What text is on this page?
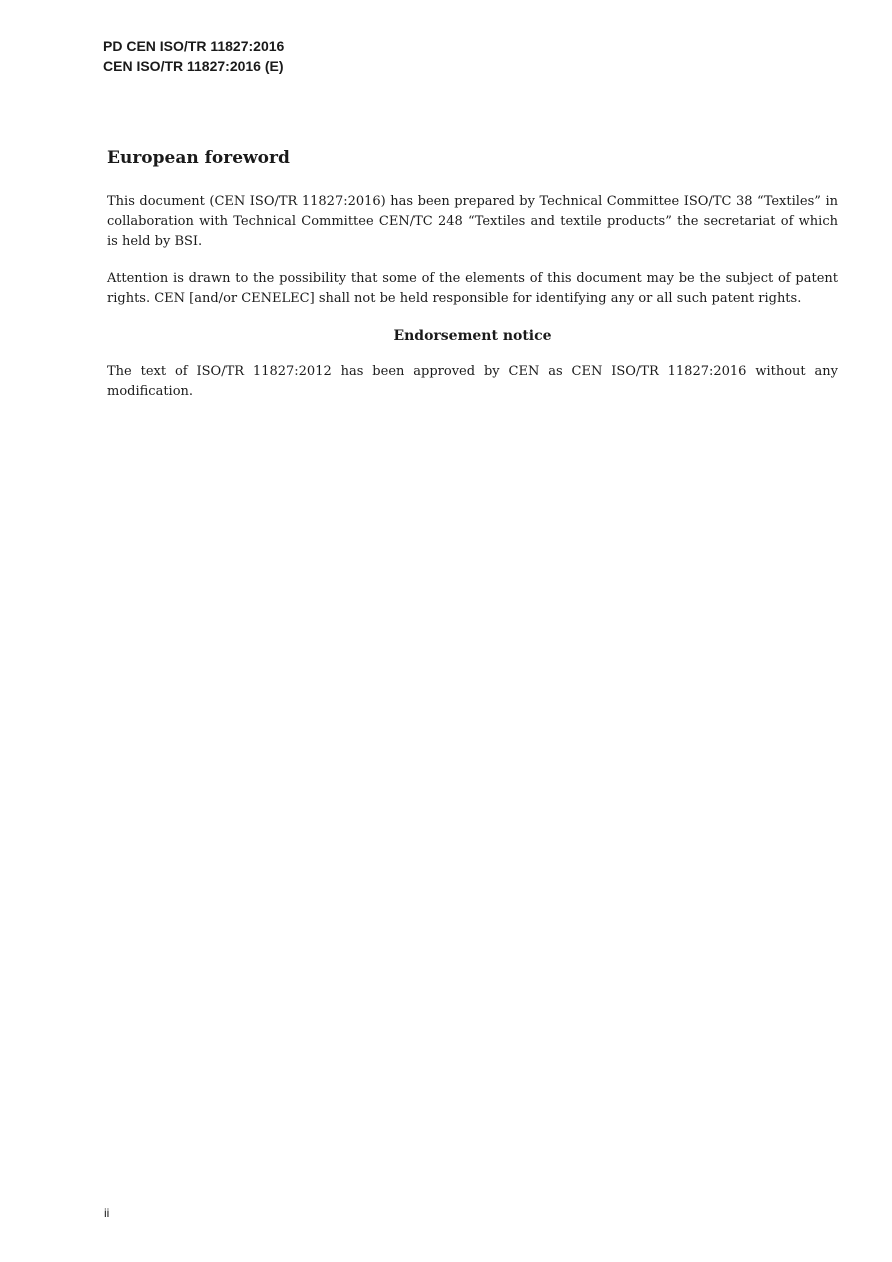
PD CEN ISO/TR 11827:2016
CEN ISO/TR 11827:2016 (E)
European foreword

This document (CEN ISO/TR 11827:2016) has been prepared by Technical Committee ISO/TC 38 “Textiles” in collaboration with Technical Committee CEN/TC 248 “Textiles and textile products” the secretariat of which is held by BSI.

Attention is drawn to the possibility that some of the elements of this document may be the subject of patent rights. CEN [and/or CENELEC] shall not be held responsible for identifying any or all such patent rights.

Endorsement notice

The text of ISO/TR 11827:2012 has been approved by CEN as CEN ISO/TR 11827:2016 without any modification.

ii
